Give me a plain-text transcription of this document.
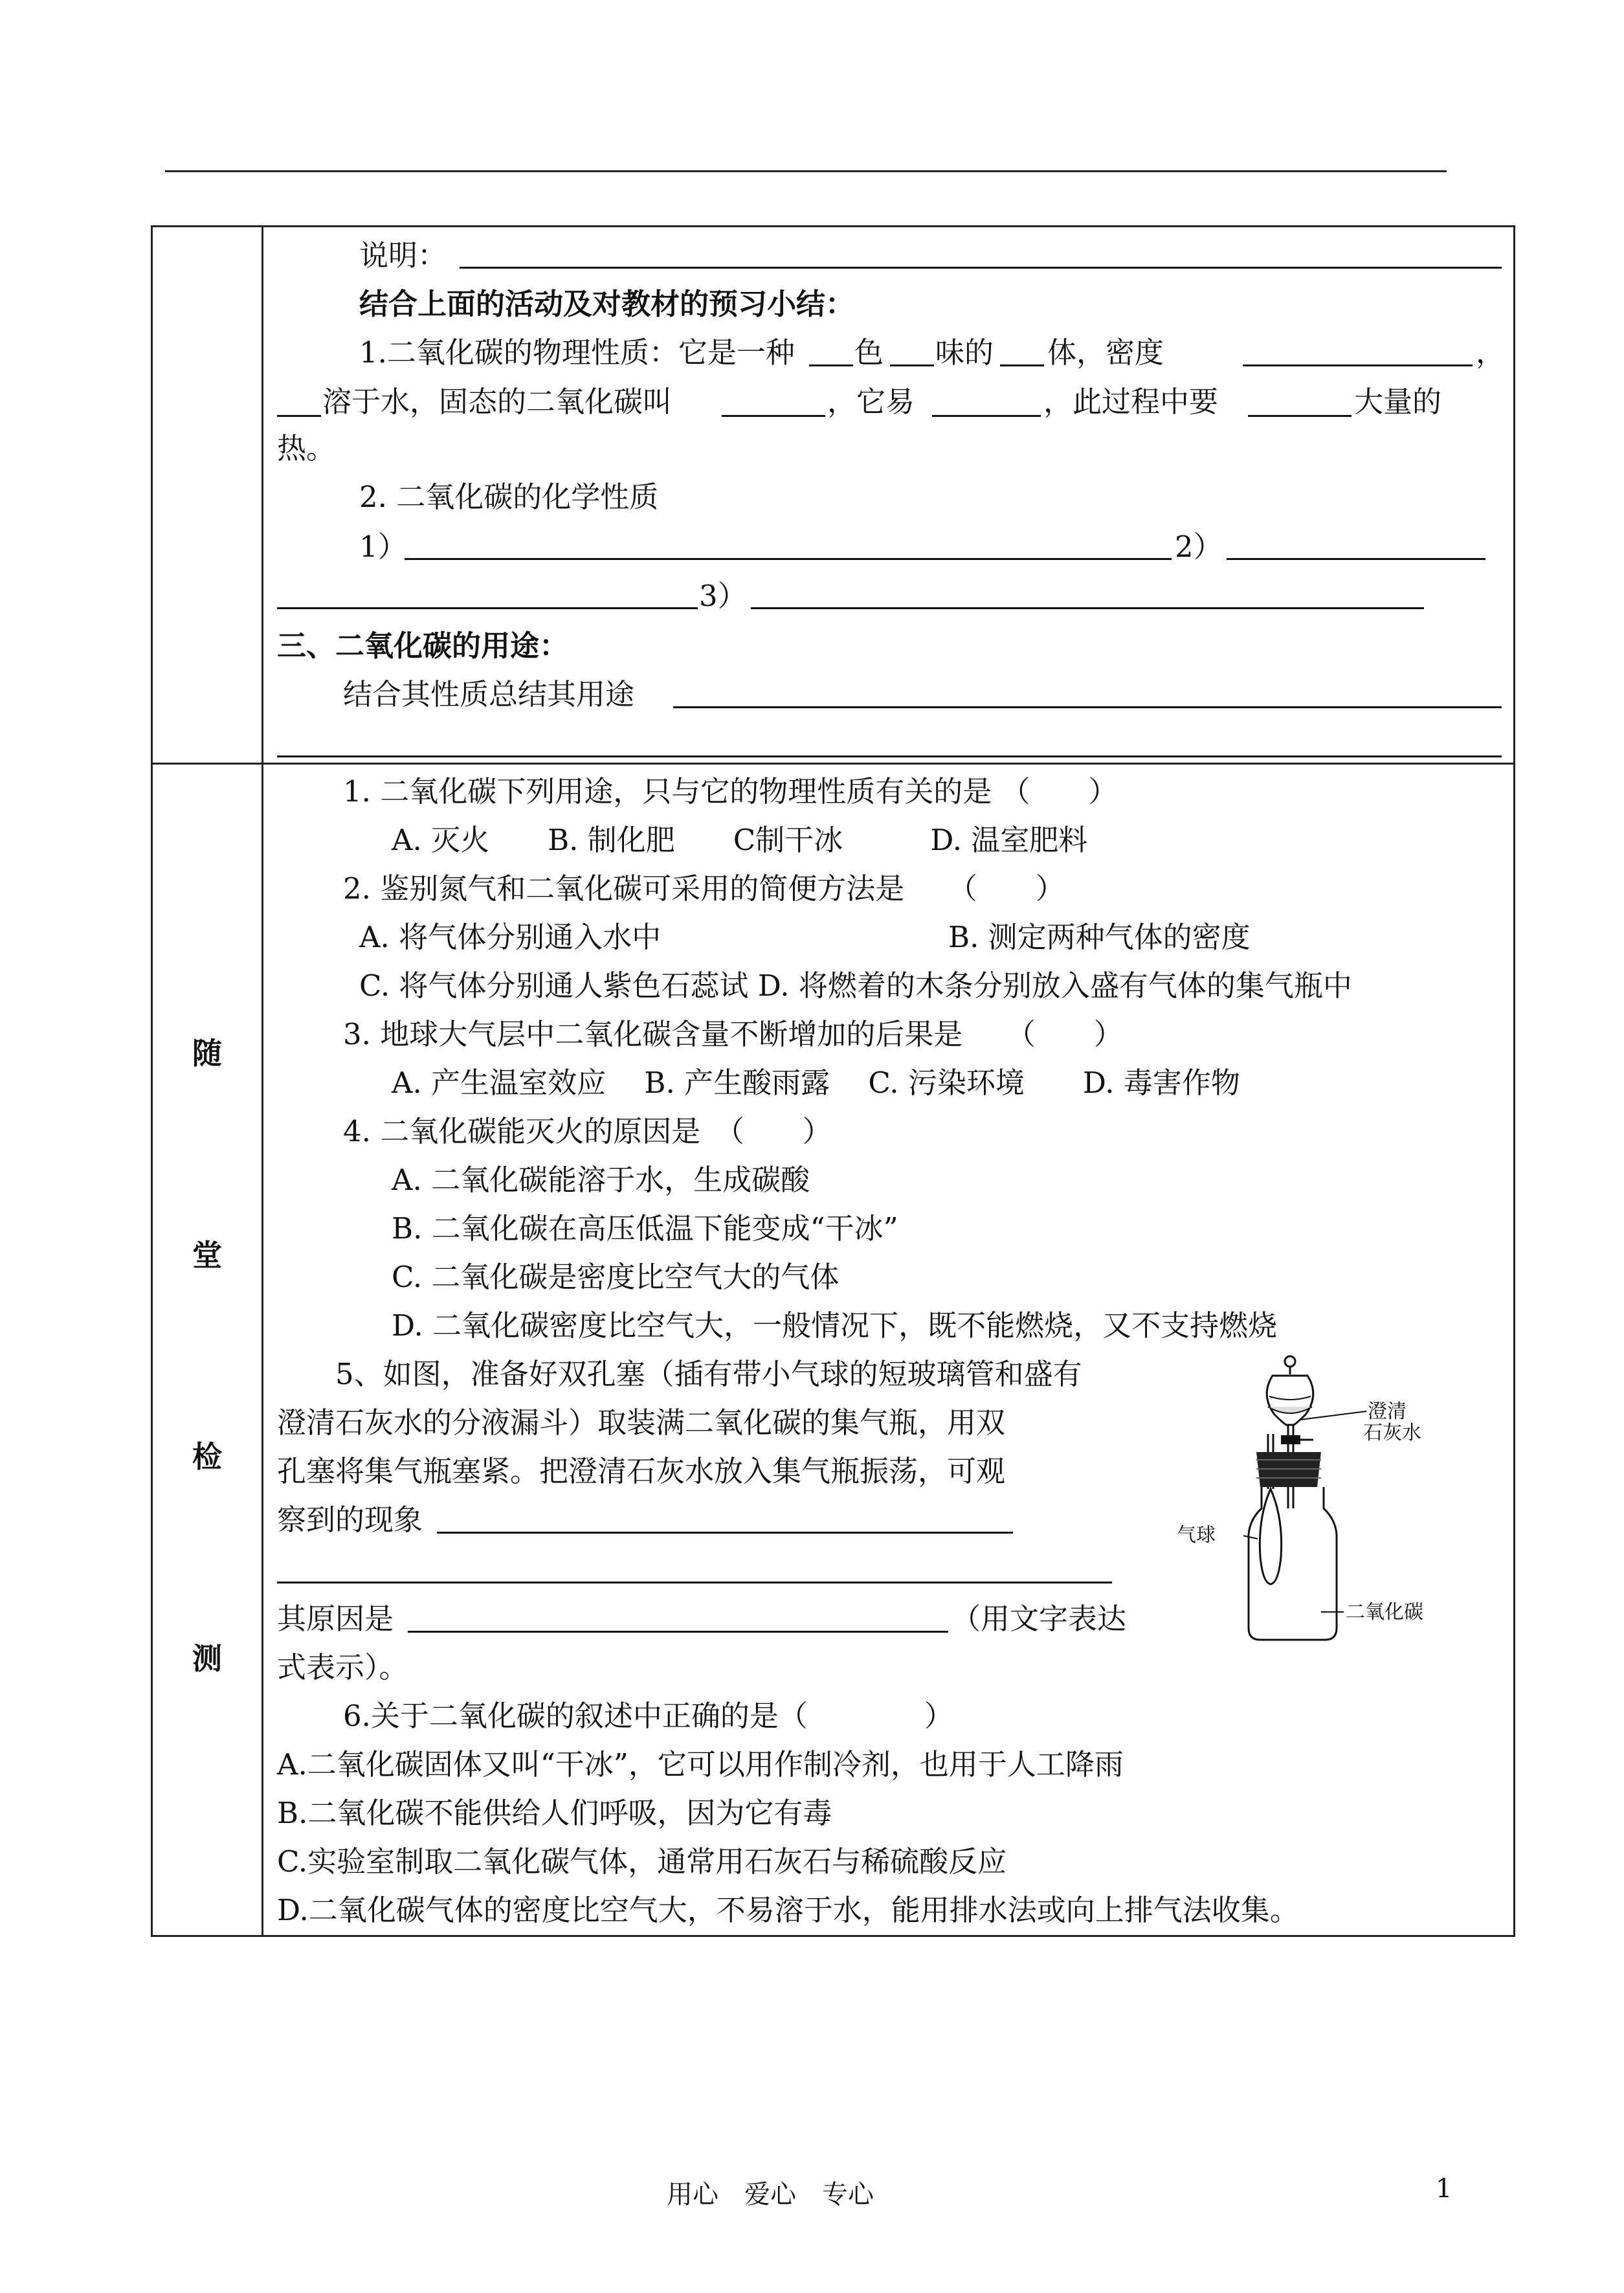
随
堂
检
测
说明：
结合上面的活动及对教材的预习小结：
1.二氧化碳的物理性质：它是一种 色 味的 体，密度	，
溶于水，固态的二氧化碳叫	，它易	，此过程中要	大量的
热。
2. 二氧化碳的化学性质
1）	2）
3）
三、二氧化碳的用途：
结合其性质总结其用途
1. 二氧化碳下列用途，只与它的物理性质有关的是 （　　）
A. 灭火　　B. 制化肥　　C制干冰　　　D. 温室肥料
2. 鉴别氮气和二氧化碳可采用的简便方法是　　（　　）
A. 将气体分别通入水中	B. 测定两种气体的密度
C. 将气体分别通人紫色石蕊试 D. 将燃着的木条分别放入盛有气体的集气瓶中
3. 地球大气层中二氧化碳含量不断增加的后果是　　（　　）
A. 产生温室效应　 B. 产生酸雨露　 C. 污染环境　　D. 毒害作物
4. 二氧化碳能灭火的原因是　（　　）
A. 二氧化碳能溶于水，生成碳酸
B. 二氧化碳在高压低温下能变成“干冰”
C. 二氧化碳是密度比空气大的气体
D. 二氧化碳密度比空气大，一般情况下，既不能燃烧，又不支持燃烧
5、如图，准备好双孔塞（插有带小气球的短玻璃管和盛有
澄清石灰水的分液漏斗）取装满二氧化碳的集气瓶，用双
孔塞将集气瓶塞紧。把澄清石灰水放入集气瓶振荡，可观
察到的现象
其原因是	（用文字表达
式表示）。
6.关于二氧化碳的叙述中正确的是（　　　　）
A.二氧化碳固体又叫“干冰”，它可以用作制冷剂，也用于人工降雨
B.二氧化碳不能供给人们呼吸，因为它有毒
C.实验室制取二氧化碳气体，通常用石灰石与稀硫酸反应
D.二氧化碳气体的密度比空气大，不易溶于水，能用排水法或向上排气法收集。
澄清
石灰水
二氧化碳
气球
用心　爱心　专心	1
